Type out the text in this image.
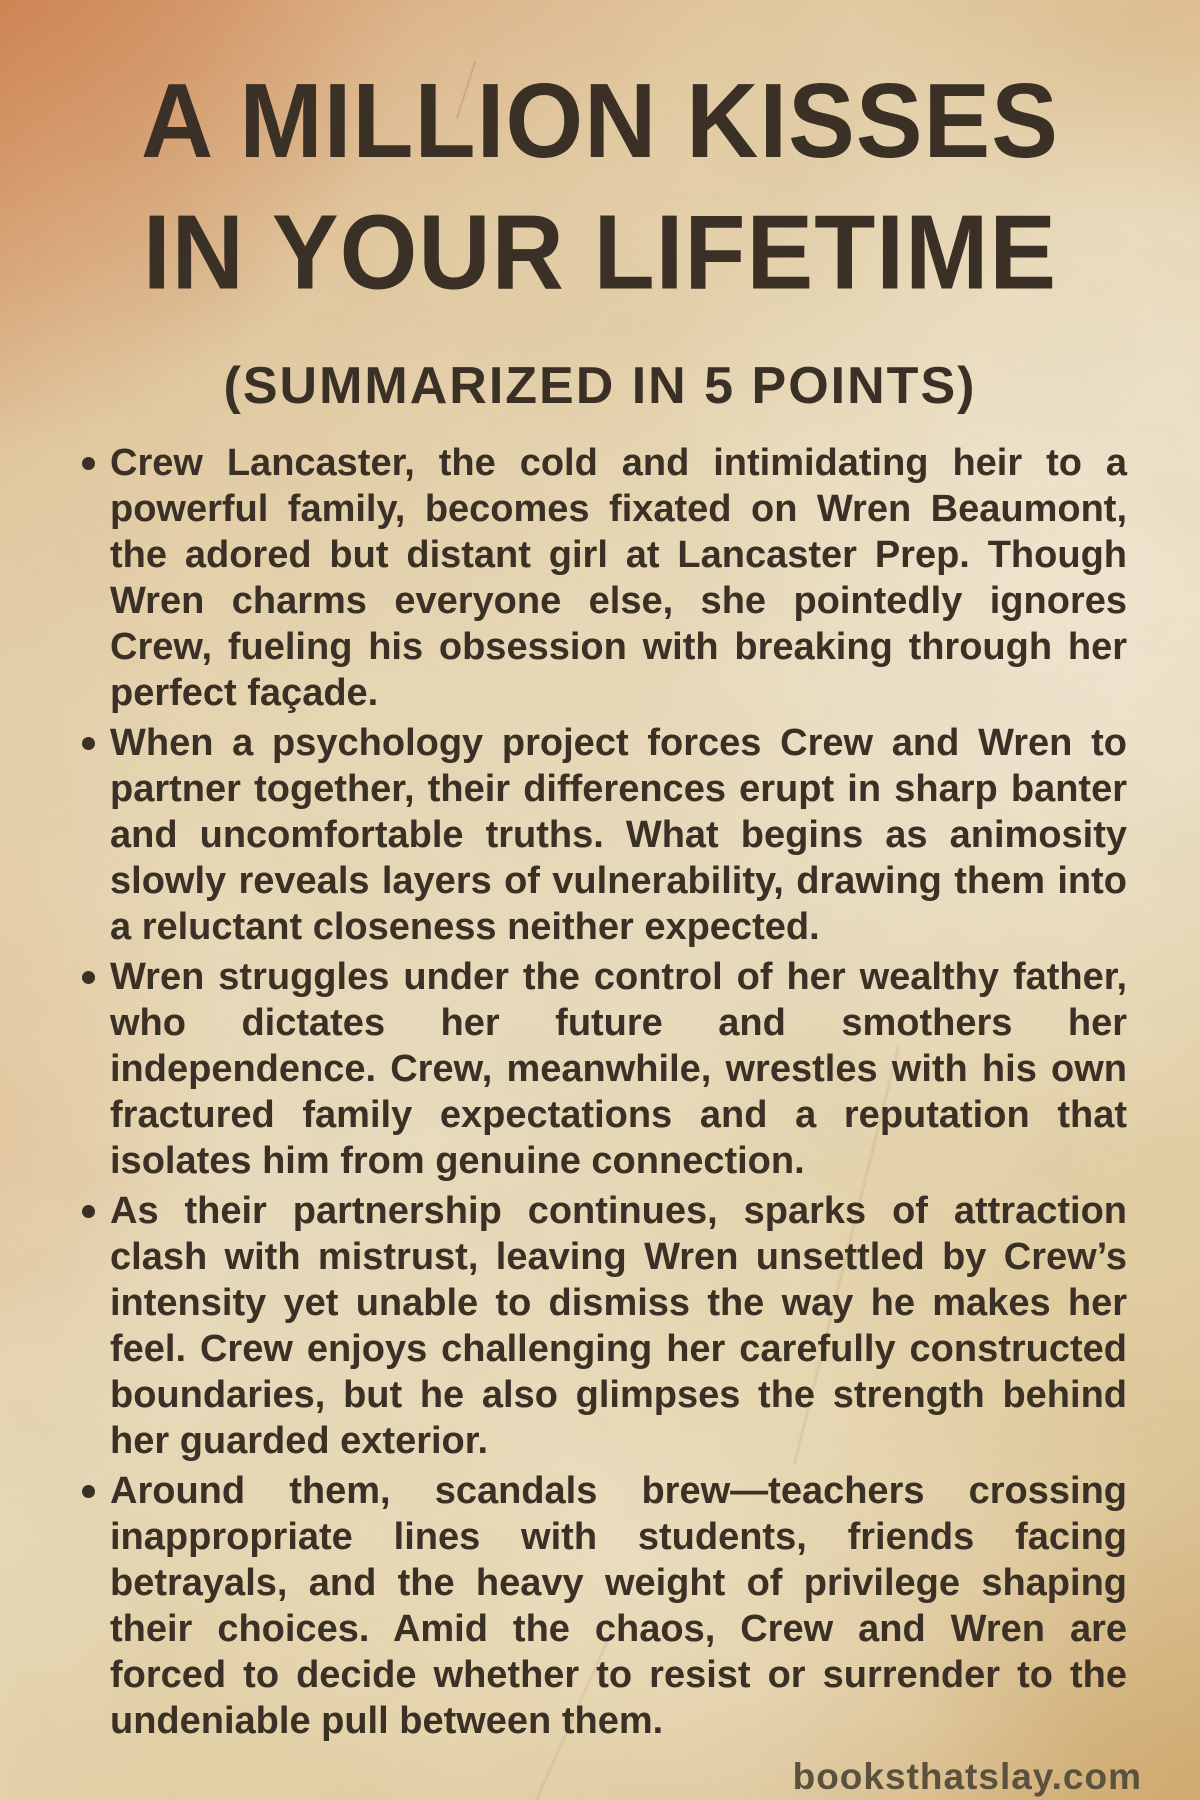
A MILLION KISSES
IN YOUR LIFETIME
(SUMMARIZED IN 5 POINTS)
Crew Lancaster, the cold and intimidating heir to a powerful family, becomes fixated on Wren Beaumont, the adored but distant girl at Lancaster Prep. Though Wren charms everyone else, she pointedly ignores Crew, fueling his obsession with breaking through her perfect façade.
When a psychology project forces Crew and Wren to partner together, their differences erupt in sharp banter and uncomfortable truths. What begins as animosity slowly reveals layers of vulnerability, drawing them into a reluctant closeness neither expected.
Wren struggles under the control of her wealthy father, who dictates her future and smothers her independence. Crew, meanwhile, wrestles with his own fractured family expectations and a reputation that isolates him from genuine connection.
As their partnership continues, sparks of attraction clash with mistrust, leaving Wren unsettled by Crew’s intensity yet unable to dismiss the way he makes her feel. Crew enjoys challenging her carefully constructed boundaries, but he also glimpses the strength behind her guarded exterior.
Around them, scandals brew—teachers crossing inappropriate lines with students, friends facing betrayals, and the heavy weight of privilege shaping their choices. Amid the chaos, Crew and Wren are forced to decide whether to resist or surrender to the undeniable pull between them.
booksthatslay.com
